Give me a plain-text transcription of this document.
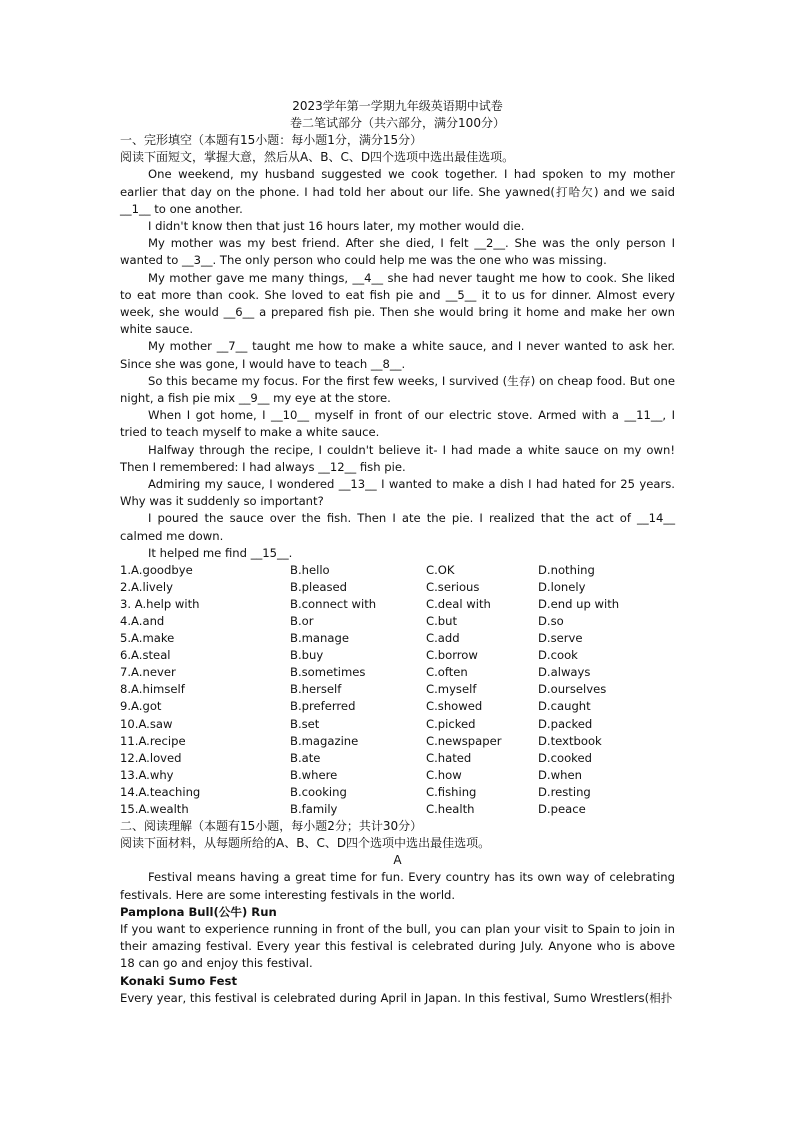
2023学年第一学期九年级英语期中试卷
卷二笔试部分（共六部分，满分100分）
一、完形填空（本题有15小题：每小题1分，满分15分）
阅读下面短文，掌握大意，然后从A、B、C、D四个选项中选出最佳选项。
One weekend, my husband suggested we cook together. I had spoken to my mother earlier that day on the phone. I had told her about our life. She yawned(打哈欠) and we said __1__ to one another.
I didn't know then that just 16 hours later, my mother would die.
My mother was my best friend. After she died, I felt __2__. She was the only person I wanted to __3__. The only person who could help me was the one who was missing.
My mother gave me many things, __4__ she had never taught me how to cook. She liked to eat more than cook. She loved to eat fish pie and __5__ it to us for dinner. Almost every week, she would __6__ a prepared fish pie. Then she would bring it home and make her own white sauce.
My mother __7__ taught me how to make a white sauce, and I never wanted to ask her. Since she was gone, I would have to teach __8__.
So this became my focus. For the first few weeks, I survived (生存) on cheap food. But one night, a fish pie mix __9__ my eye at the store.
When I got home, I __10__ myself in front of our electric stove. Armed with a __11__, I tried to teach myself to make a white sauce.
Halfway through the recipe, I couldn't believe it- I had made a white sauce on my own! Then I remembered: I had always __12__ fish pie.
Admiring my sauce, I wondered __13__ I wanted to make a dish I had hated for 25 years. Why was it suddenly so important?
I poured the sauce over the fish. Then I ate the pie. I realized that the act of __14__ calmed me down.
It helped me find __15__.
1.A.goodbye	B.hello	C.OK	D.nothing
2.A.lively	B.pleased	C.serious	D.lonely
3. A.help with	B.connect with	C.deal with	D.end up with
4.A.and	B.or	C.but	D.so
5.A.make	B.manage	C.add	D.serve
6.A.steal	B.buy	C.borrow	D.cook
7.A.never	B.sometimes	C.often	D.always
8.A.himself	B.herself	C.myself	D.ourselves
9.A.got	B.preferred	C.showed	D.caught
10.A.saw	B.set	C.picked	D.packed
11.A.recipe	B.magazine	C.newspaper	D.textbook
12.A.loved	B.ate	C.hated	D.cooked
13.A.why	B.where	C.how	D.when
14.A.teaching	B.cooking	C.fishing	D.resting
15.A.wealth	B.family	C.health	D.peace
二、阅读理解（本题有15小题，每小题2分；共计30分）
阅读下面材料，从每题所给的A、B、C、D四个选项中选出最佳选项。
A
Festival means having a great time for fun. Every country has its own way of celebrating festivals. Here are some interesting festivals in the world.
Pamplona Bull(公牛) Run
If you want to experience running in front of the bull, you can plan your visit to Spain to join in their amazing festival. Every year this festival is celebrated during July. Anyone who is above 18 can go and enjoy this festival.
Konaki Sumo Fest
Every year, this festival is celebrated during April in Japan. In this festival, Sumo Wrestlers(相扑
